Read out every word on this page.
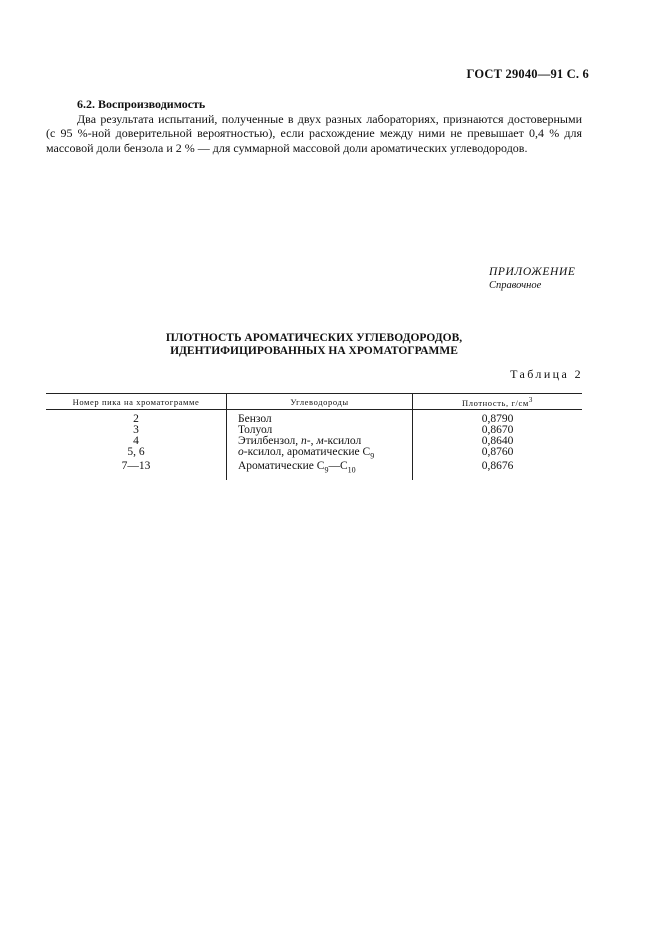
ГОСТ 29040—91 С. 6

6.2. Воспроизводимость

Два результата испытаний, полученные в двух разных лабораториях, признаются достоверными (с 95 %-ной доверительной вероятностью), если расхождение между ними не превышает 0,4 % для массовой доли бензола и 2 % — для суммарной массовой доли ароматических углеводородов.

ПРИЛОЖЕНИЕ
Справочное
ПЛОТНОСТЬ АРОМАТИЧЕСКИХ УГЛЕВОДОРОДОВ,
ИДЕНТИФИЦИРОВАННЫХ НА ХРОМАТОГРАММЕ
Таблица 2
Номер пика на хроматограмме	Углеводороды	Плотность, $г/см^3$
2	Бензол	0,8790
3	Толуол	0,8670
4	Этилбензол, п-, м-ксилол	0,8640
5, 6	о-ксилол, ароматические $С_9$	0,8760
7—13	Ароматические $С_9—С_{10}$	0,8676
